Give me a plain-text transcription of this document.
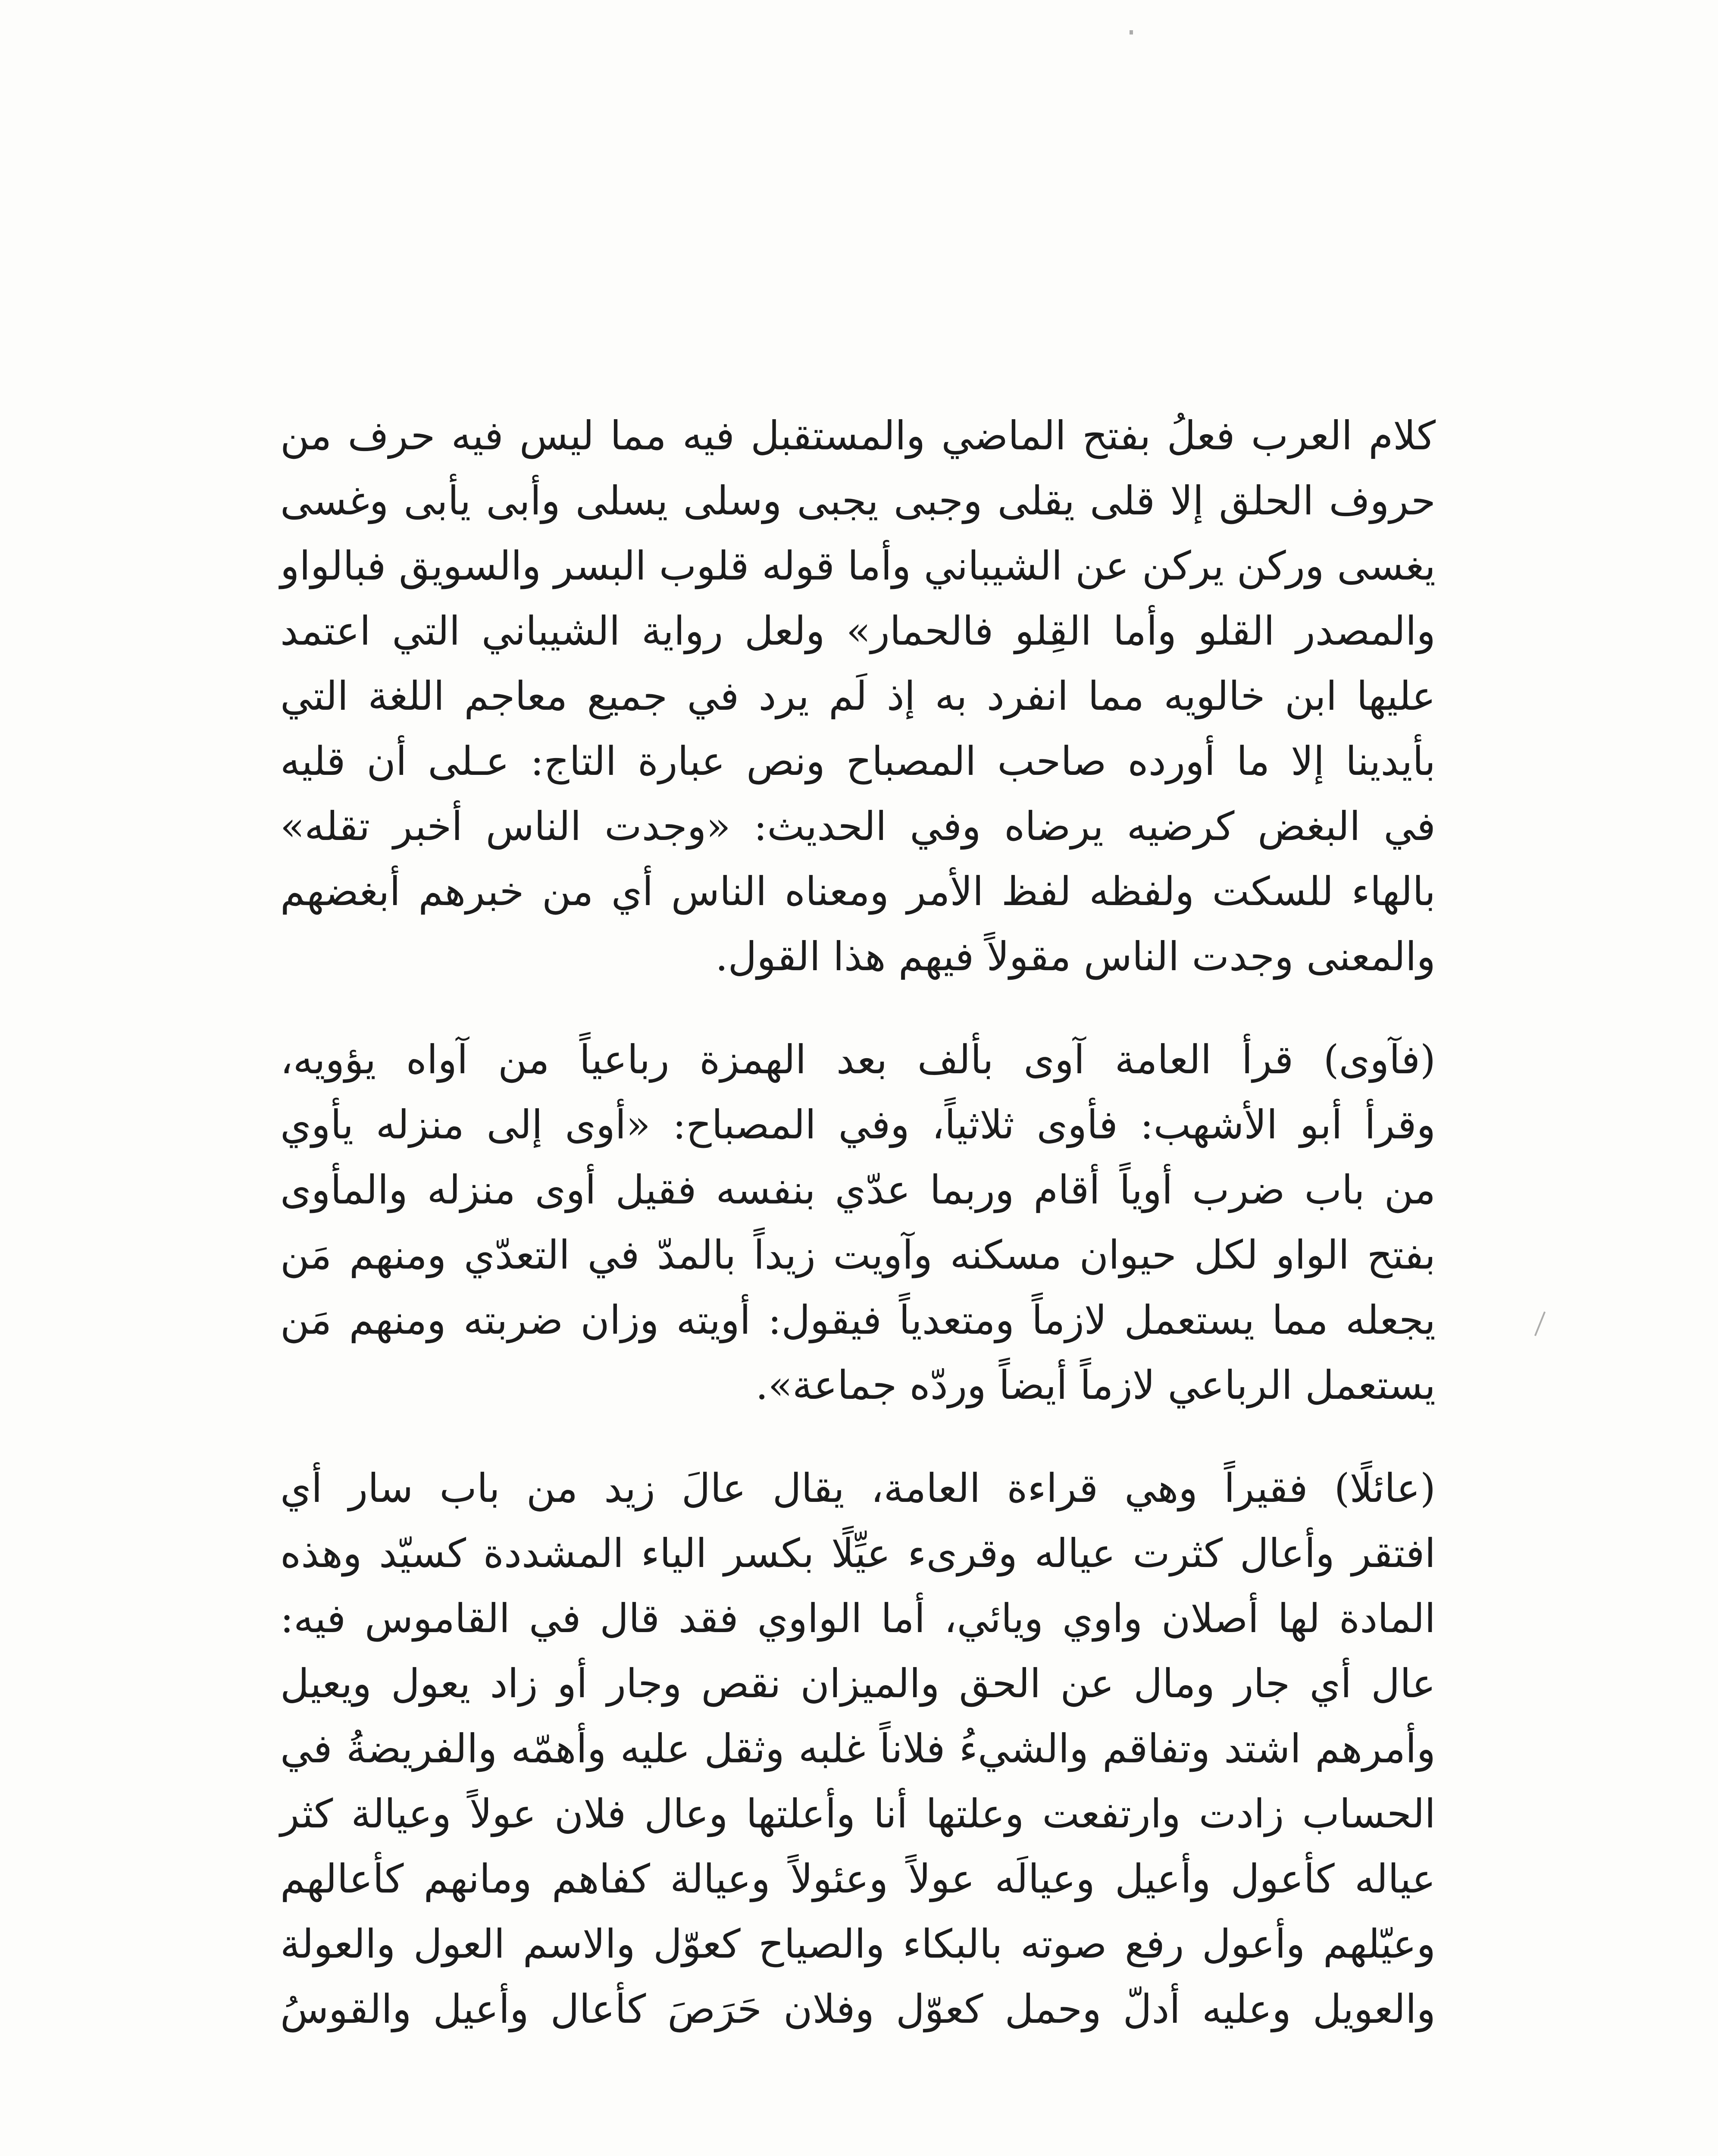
كلام العرب فعلُ بفتح الماضي والمستقبل فيه مما ليس فيه حرف من
حروف الحلق إلا قلى يقلى وجبى يجبى وسلى يسلى وأبى يأبى وغسى
يغسى وركن يركن عن الشيباني وأما قوله قلوب البسر والسويق فبالواو
والمصدر القلو وأما القِلو فالحمار» ولعل رواية الشيباني التي اعتمد
عليها ابن خالويه مما انفرد به إذ لَم يرد في جميع معاجم اللغة التي
بأيدينا إلا ما أورده صاحب المصباح ونص عبارة التاج: عـلى أن قليه
في البغض كرضيه يرضاه وفي الحديث: «وجدت الناس أخبر تقله»
بالهاء للسكت ولفظه لفظ الأمر ومعناه الناس أي من خبرهم أبغضهم
والمعنى وجدت الناس مقولاً فيهم هذا القول.

(فآوى) قرأ العامة آوى بألف بعد الهمزة رباعياً من آواه يؤويه،
وقرأ أبو الأشهب: فأوى ثلاثياً، وفي المصباح: «أوى إلى منزله يأوي
من باب ضرب أوياً أقام وربما عدّي بنفسه فقيل أوى منزله والمأوى
بفتح الواو لكل حيوان مسكنه وآويت زيداً بالمدّ في التعدّي ومنهم مَن
يجعله مما يستعمل لازماً ومتعدياً فيقول: أويته وزان ضربته ومنهم مَن
يستعمل الرباعي لازماً أيضاً وردّه جماعة».

(عائلًا) فقيراً وهي قراءة العامة، يقال عالَ زيد من باب سار أي
افتقر وأعال كثرت عياله وقرىء عيِّلًا بكسر الياء المشددة كسيّد وهذه
المادة لها أصلان واوي ويائي، أما الواوي فقد قال في القاموس فيه:
عال أي جار ومال عن الحق والميزان نقص وجار أو زاد يعول ويعيل
وأمرهم اشتد وتفاقم والشيءُ فلاناً غلبه وثقل عليه وأهمّه والفريضةُ في
الحساب زادت وارتفعت وعلتها أنا وأعلتها وعال فلان عولاً وعيالة كثر
عياله كأعول وأعيل وعيالَه عولاً وعئولاً وعيالة كفاهم ومانهم كأعالهم
وعيّلهم وأعول رفع صوته بالبكاء والصياح كعوّل والاسم العول والعولة
والعويل وعليه أدلّ وحمل كعوّل وفلان حَرَصَ كأعال وأعيل والقوسُ
